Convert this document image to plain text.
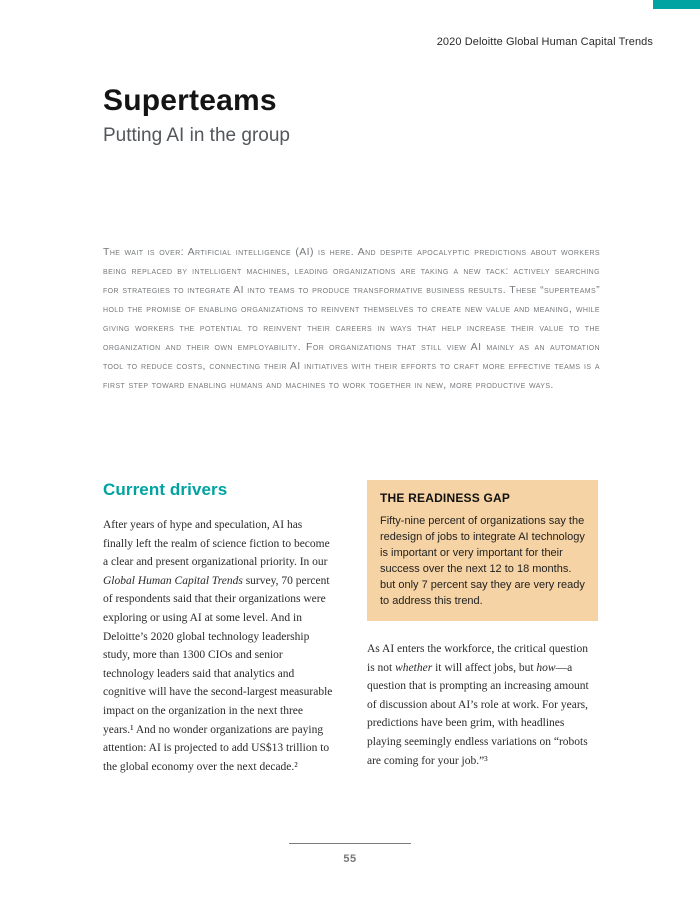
2020 Deloitte Global Human Capital Trends
Superteams
Putting AI in the group

The wait is over: Artificial intelligence (AI) is here. And despite apocalyptic predictions about workers being replaced by intelligent machines, leading organizations are taking a new tack: actively searching for strategies to integrate AI into teams to produce transformative business results. These “superteams” hold the promise of enabling organizations to reinvent themselves to create new value and meaning, while giving workers the potential to reinvent their careers in ways that help increase their value to the organization and their own employability. For organizations that still view AI mainly as an automation tool to reduce costs, connecting their AI initiatives with their efforts to craft more effective teams is a first step toward enabling humans and machines to work together in new, more productive ways.

Current drivers

After years of hype and speculation, AI has finally left the realm of science fiction to become a clear and present organizational priority. In our Global Human Capital Trends survey, 70 percent of respondents said that their organizations were exploring or using AI at some level. And in Deloitte’s 2020 global technology leadership study, more than 1300 CIOs and senior technology leaders said that analytics and cognitive will have the second-largest measurable impact on the organization in the next three years.¹ And no wonder organizations are paying attention: AI is projected to add US$13 trillion to the global economy over the next decade.²

THE READINESS GAP

Fifty-nine percent of organizations say the redesign of jobs to integrate AI technology is important or very important for their success over the next 12 to 18 months. but only 7 percent say they are very ready to address this trend.

As AI enters the workforce, the critical question is not whether it will affect jobs, but how—a question that is prompting an increasing amount of discussion about AI’s role at work. For years, predictions have been grim, with headlines playing seemingly endless variations on “robots are coming for your job.”³

55
